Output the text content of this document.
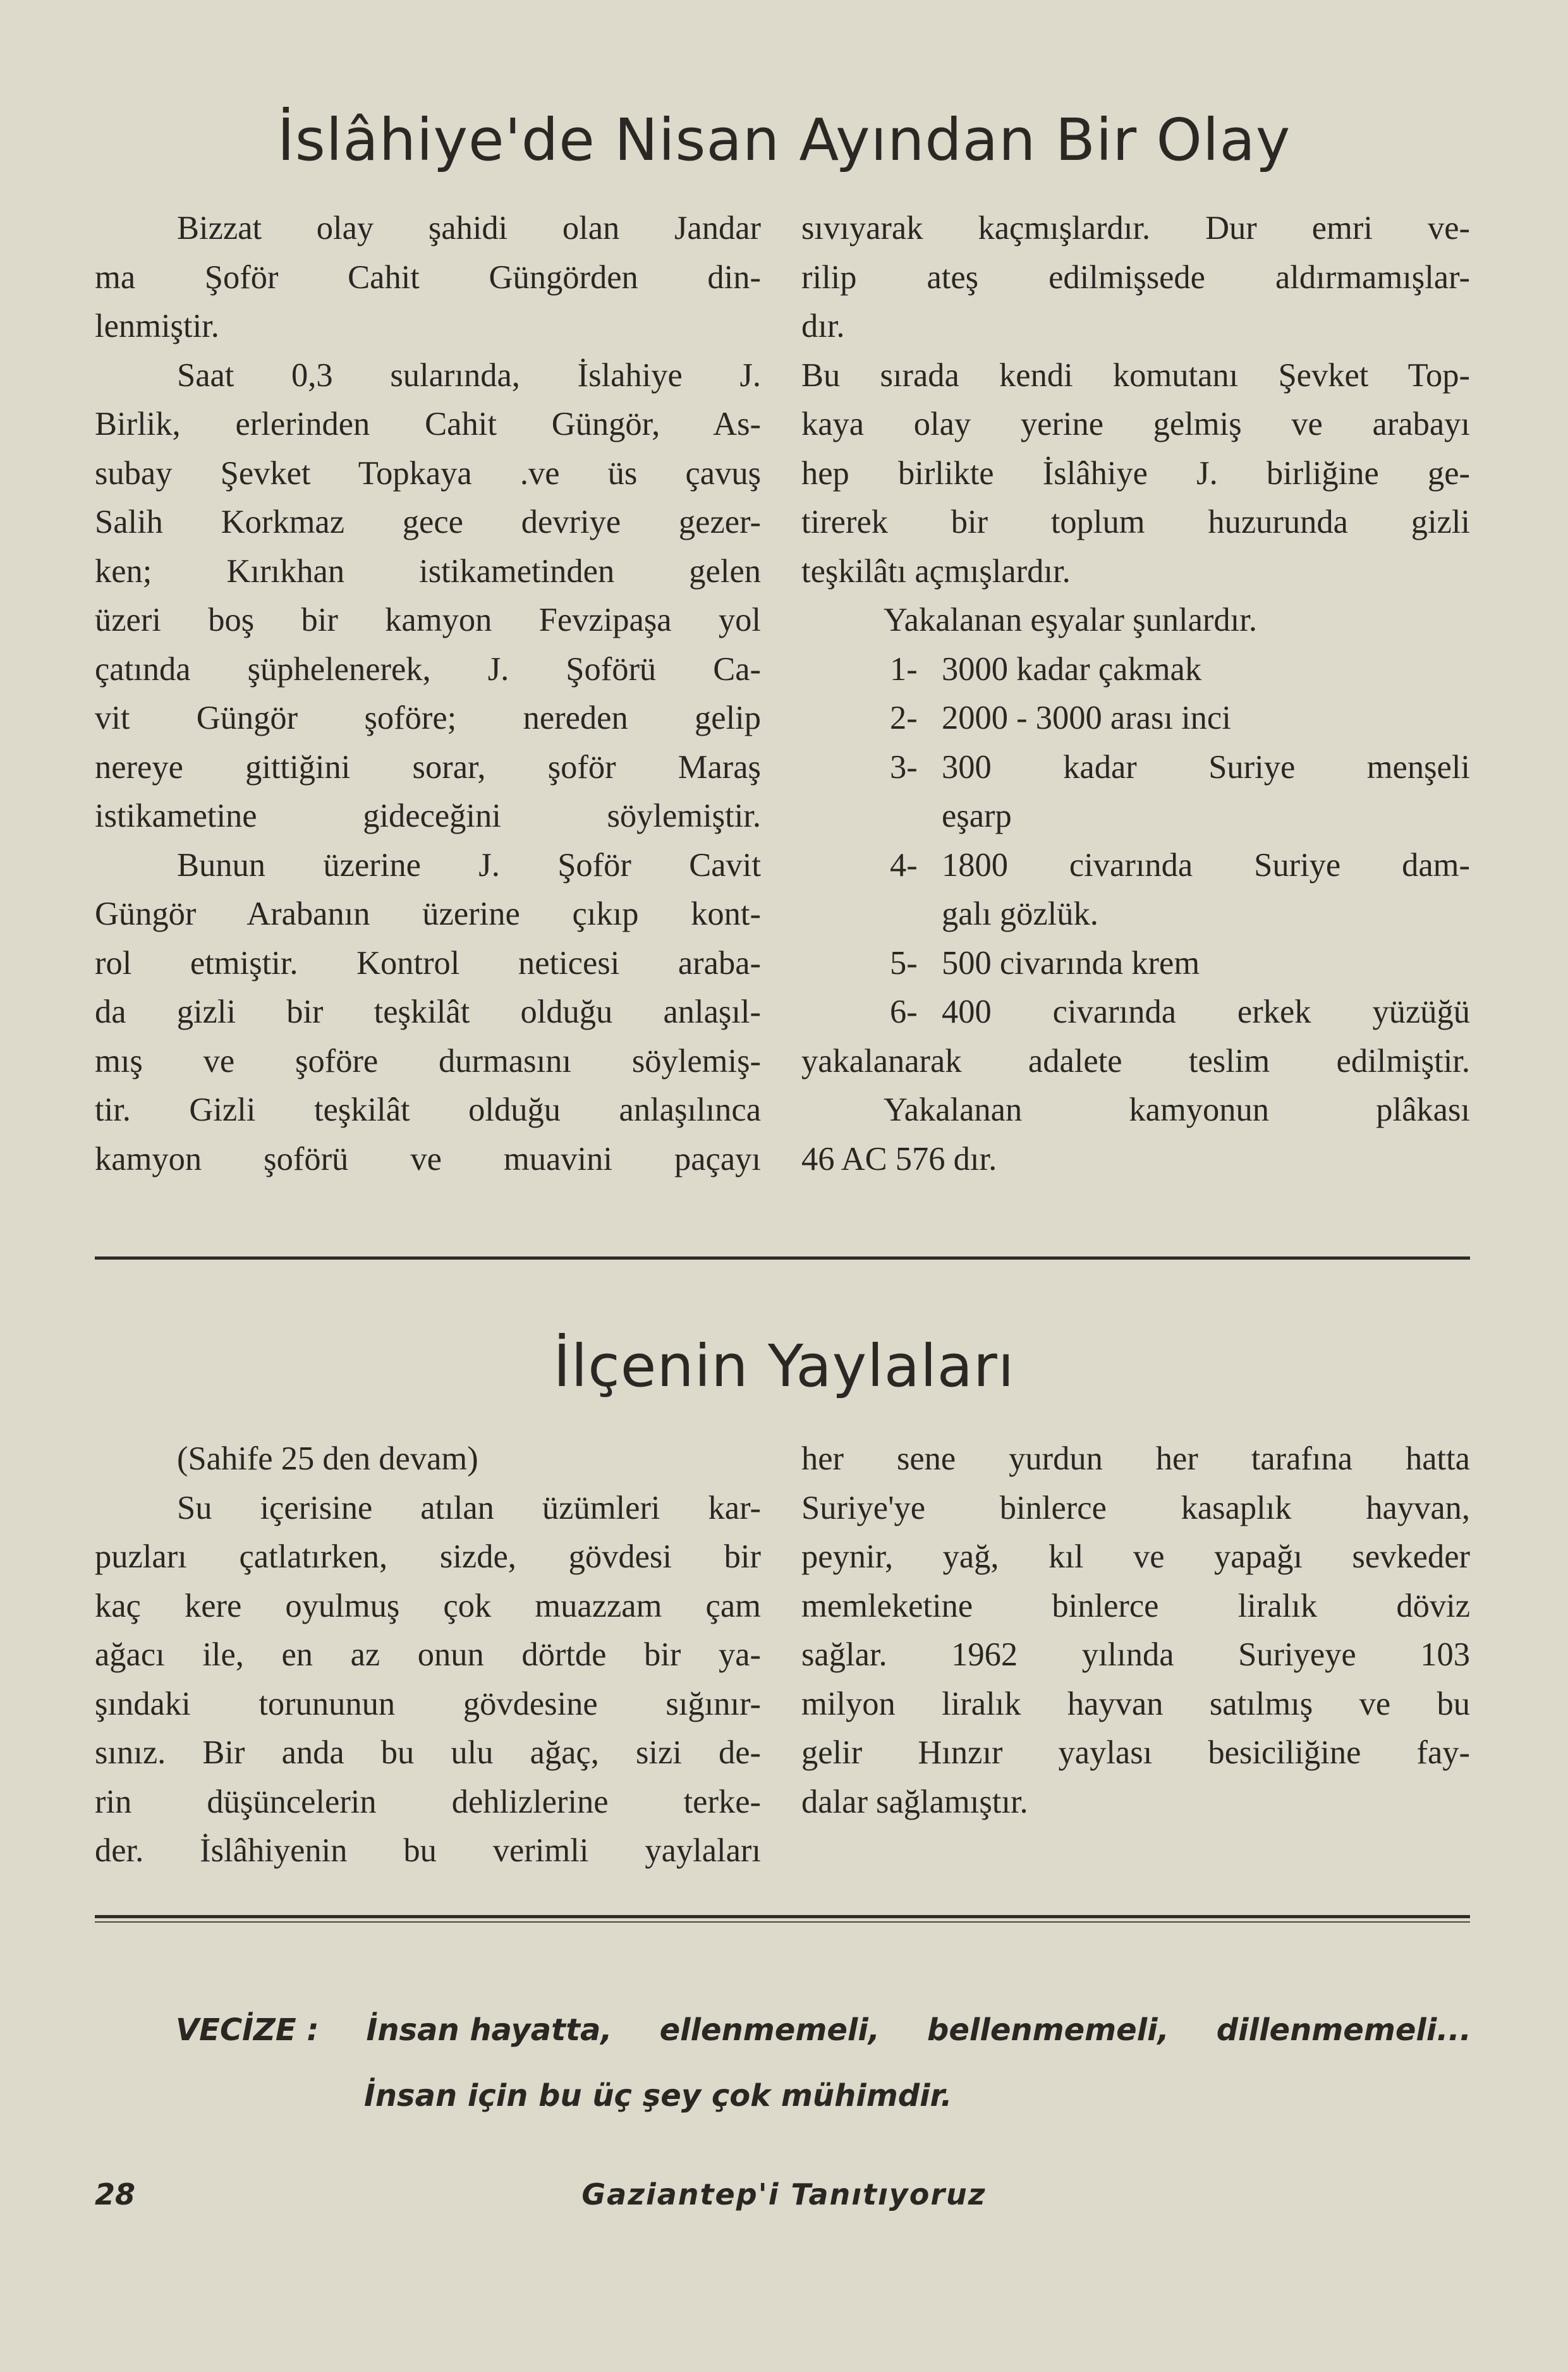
İslâhiye'de Nisan Ayından Bir Olay
Bizzat olay şahidi olan Jandar
ma Şoför Cahit Güngörden din-
lenmiştir.
Saat 0,3 sularında, İslahiye J.
Birlik, erlerinden Cahit Güngör, As-
subay Şevket Topkaya .ve üs çavuş
Salih Korkmaz gece devriye gezer-
ken; Kırıkhan istikametinden gelen
üzeri boş bir kamyon Fevzipaşa yol
çatında şüphelenerek, J. Şoförü Ca-
vit Güngör şoföre; nereden gelip
nereye gittiğini sorar, şoför Maraş
istikametine gideceğini söylemiştir.
Bunun üzerine J. Şoför Cavit
Güngör Arabanın üzerine çıkıp kont-
rol etmiştir. Kontrol neticesi araba-
da gizli bir teşkilât olduğu anlaşıl-
mış ve şoföre durmasını söylemiş-
tir. Gizli teşkilât olduğu anlaşılınca
kamyon şoförü ve muavini paçayı
sıvıyarak kaçmışlardır. Dur emri ve-
rilip ateş edilmişsede aldırmamışlar-
dır.
Bu sırada kendi komutanı Şevket Top-
kaya olay yerine gelmiş ve arabayı
hep birlikte İslâhiye J. birliğine ge-
tirerek bir toplum huzurunda gizli
teşkilâtı açmışlardır.
Yakalanan eşyalar şunlardır.
1- 3000 kadar çakmak
2- 2000 - 3000 arası inci
3- 300 kadar Suriye menşeli
eşarp
4- 1800 civarında Suriye dam-
galı gözlük.
5- 500 civarında krem
6- 400 civarında erkek yüzüğü
yakalanarak adalete teslim edilmiştir.
Yakalanan kamyonun plâkası
46 AC 576 dır.
İlçenin Yaylaları
(Sahife 25 den devam)
Su içerisine atılan üzümleri kar-
puzları çatlatırken, sizde, gövdesi bir
kaç kere oyulmuş çok muazzam çam
ağacı ile, en az onun dörtde bir ya-
şındaki torununun gövdesine sığınır-
sınız. Bir anda bu ulu ağaç, sizi de-
rin düşüncelerin dehlizlerine terke-
der. İslâhiyenin bu verimli yaylaları
her sene yurdun her tarafına hatta
Suriye'ye binlerce kasaplık hayvan,
peynir, yağ, kıl ve yapağı sevkeder
memleketine binlerce liralık döviz
sağlar. 1962 yılında Suriyeye 103
milyon liralık hayvan satılmış ve bu
gelir Hınzır yaylası besiciliğine fay-
dalar sağlamıştır.
VECİZE : İnsan hayatta, ellenmemeli, bellenmemeli, dillenmemeli...
İnsan için bu üç şey çok mühimdir.
28	Gaziantep'i Tanıtıyoruz
